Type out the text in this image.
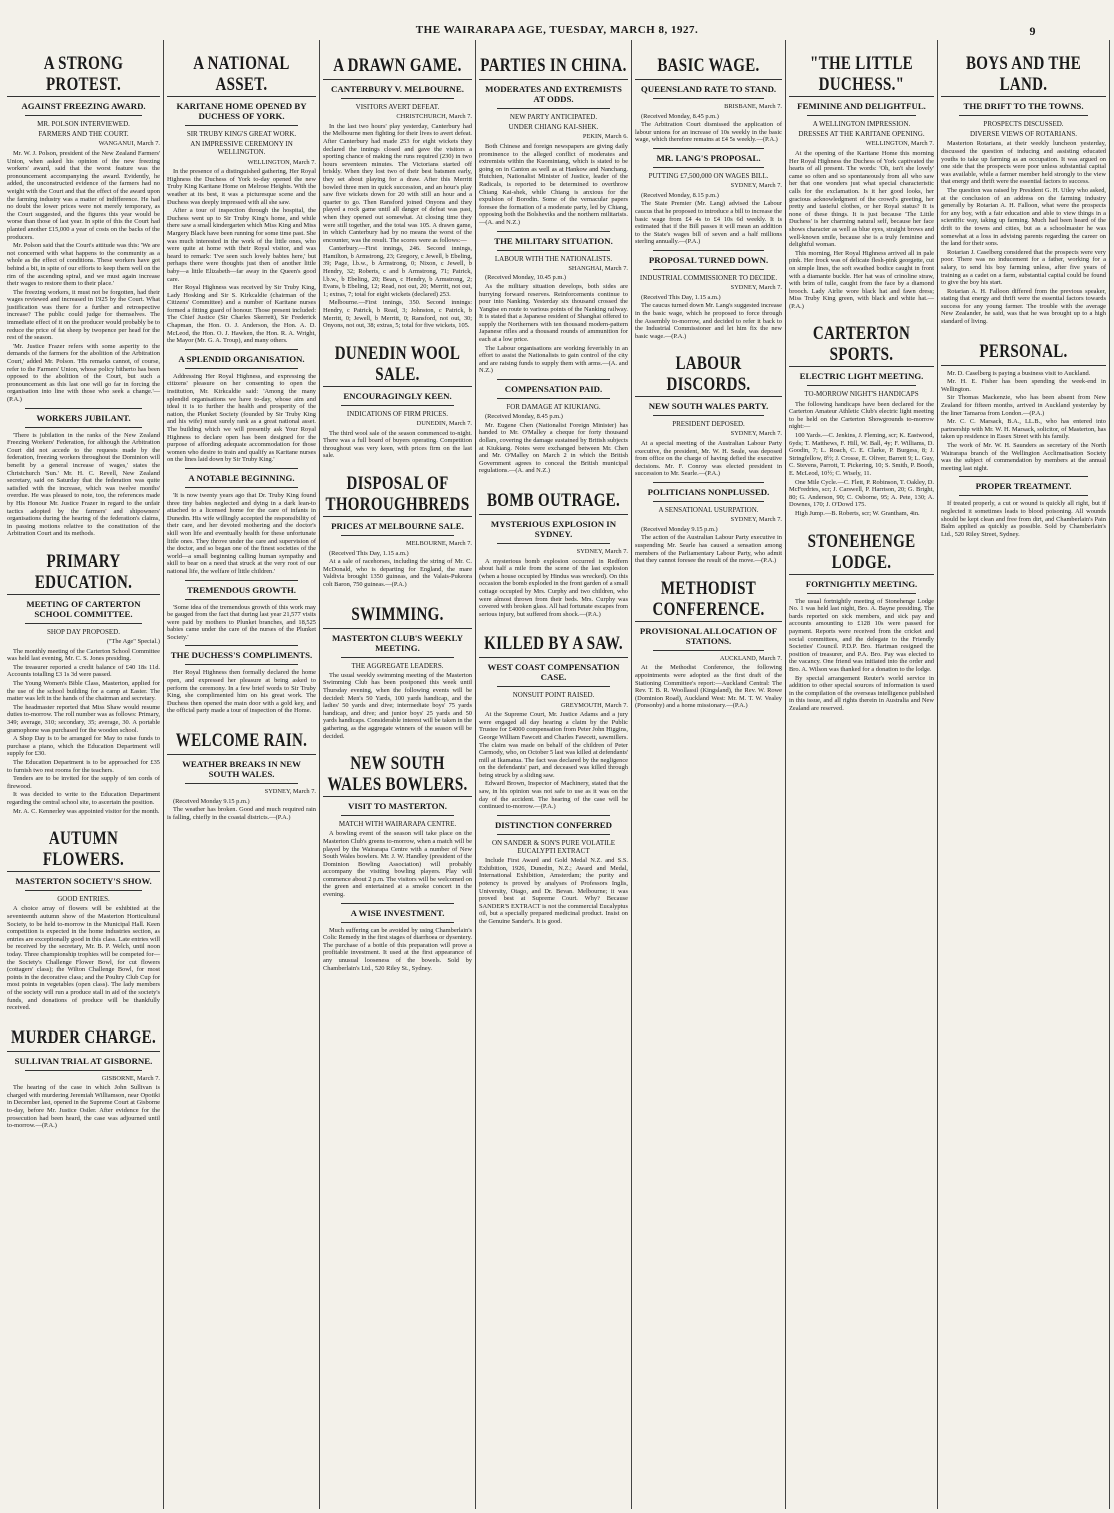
THE WAIRARAPA AGE, TUESDAY, MARCH 8, 1927.	9
A STRONG PROTEST.
AGAINST FREEZING AWARD.
MR. POLSON INTERVIEWED.
FARMERS AND THE COURT.
WANGANUI, March 7.

Mr. W. J. Polson, president of the New Zealand Farmers' Union, when asked his opinion of the new freezing workers' award, said that the worst feature was the pronouncement accompanying the award. Evidently, he added, the unconstructed evidence of the farmers had no weight with the Court and that the effect of the award upon the farming industry was a matter of indifference. He had no doubt the lower prices were not merely temporary, as the Court suggested, and the figures this year would be worse than those of last year. In spite of this the Court had planted another £15,000 a year of costs on the backs of the producers.

Mr. Polson said that the Court's attitude was this: 'We are not concerned with what happens to the community as a whole as the effect of conditions. These workers have got behind a bit, in spite of our efforts to keep them well on the rim of the ascending spiral, and we must again increase their wages to restore them to their place.'

The freezing workers, it must not be forgotten, had their wages reviewed and increased in 1925 by the Court. What justification was there for a further and retrospective increase? The public could judge for themselves. The immediate effect of it on the producer would probably be to reduce the price of fat sheep by twopence per head for the rest of the season.

'Mr. Justice Frazer refers with some asperity to the demands of the farmers for the abolition of the Arbitration Court,' added Mr. Polson. 'His remarks cannot, of course, refer to the Farmers' Union, whose policy hitherto has been opposed to the abolition of the Court, but such a pronouncement as this last one will go far in forcing the organisation into line with those who seek a change.'—(P.A.)

WORKERS JUBILANT.

'There is jubilation in the ranks of the New Zealand Freezing Workers' Federation, for although the Arbitration Court did not accede to the requests made by the federation, freezing workers throughout the Dominion will benefit by a general increase of wages,' states the Christchurch 'Sun.' Mr. H. C. Revell, New Zealand secretary, said on Saturday that the federation was quite satisfied with the increase, which was twelve months' overdue. He was pleased to note, too, the references made by His Honour Mr. Justice Frazer in regard to the unfair tactics adopted by the farmers' and shipowners' organisations during the hearing of the federation's claims, in passing motions relative to the constitution of the Arbitration Court and its methods.

PRIMARY EDUCATION.
MEETING OF CARTERTON SCHOOL COMMITTEE.
SHOP DAY PROPOSED.
("The Age" Special.)

The monthly meeting of the Carterton School Committee was held last evening, Mr. C. S. Jones presiding.

The treasurer reported a credit balance of £40 18s 11d. Accounts totalling £3 1s 3d were passed.

The Young Women's Bible Class, Masterton, applied for the use of the school building for a camp at Easter. The matter was left in the hands of the chairman and secretary.

The headmaster reported that Miss Shaw would resume duties to-morrow. The roll number was as follows: Primary, 349; average, 310; secondary, 35; average, 30. A portable gramophone was purchased for the wooden school.

A Shop Day is to be arranged for May to raise funds to purchase a piano, which the Education Department will supply for £30.

The Education Department is to be approached for £35 to furnish two rest rooms for the teachers.

Tenders are to be invited for the supply of ten cords of firewood.

It was decided to write to the Education Department regarding the central school site, to ascertain the position.

Mr. A. C. Kennerley was appointed visitor for the month.

AUTUMN FLOWERS.
MASTERTON SOCIETY'S SHOW.
GOOD ENTRIES.

A choice array of flowers will be exhibited at the seventeenth autumn show of the Masterton Horticultural Society, to be held to-morrow in the Municipal Hall. Keen competition is expected in the home industries section, as entries are exceptionally good in this class. Late entries will be received by the secretary, Mr. B. P. Welch, until noon today. Three championship trophies will be competed for—the Society's Challenge Flower Bowl, for cut flowers (cottagers' class); the Wilton Challenge Bowl, for most points in the decorative class; and the Poultry Club Cup for most points in vegetables (open class). The lady members of the society will run a produce stall in aid of the society's funds, and donations of produce will be thankfully received.

MURDER CHARGE.
SULLIVAN TRIAL AT GISBORNE.
GISBORNE, March 7.

The hearing of the case in which John Sullivan is charged with murdering Jeremiah Williamson, near Opotiki in December last, opened in the Supreme Court at Gisborne to-day, before Mr. Justice Ostler. After evidence for the prosecution had been heard, the case was adjourned until to-morrow.—(P.A.)

A NATIONAL ASSET.
KARITANE HOME OPENED BY DUCHESS OF YORK.
SIR TRUBY KING'S GREAT WORK.
AN IMPRESSIVE CEREMONY IN WELLINGTON.
WELLINGTON, March 7.

In the presence of a distinguished gathering, Her Royal Highness the Duchess of York to-day opened the new Truby King Karitane Home on Melrose Heights. With the weather at its best, it was a picturesque scene and the Duchess was deeply impressed with all she saw.

After a tour of inspection through the hospital, the Duchess went up to Sir Truby King's home, and while there saw a small kindergarten which Miss King and Miss Margery Black have been running for some time past. She was much interested in the work of the little ones, who were quite at home with their Royal visitor, and was heard to remark: 'I've seen such lovely babies here,' but perhaps there were thoughts just then of another little baby—a little Elizabeth—far away in the Queen's good care.

Her Royal Highness was received by Sir Truby King, Lady Hosking and Sir S. Kirkcaldie (chairman of the Citizens' Committee) and a number of Karitane nurses formed a fitting guard of honour. Those present included: The Chief Justice (Sir Charles Skerrett), Sir Frederick Chapman, the Hon. O. J. Anderson, the Hon. A. D. McLeod, the Hon. O. J. Hawken, the Hon. R. A. Wright, the Mayor (Mr. G. A. Troup), and many others.

A SPLENDID ORGANISATION.

Addressing Her Royal Highness, and expressing the citizens' pleasure on her consenting to open the institution, Mr. Kirkcaldie said: 'Among the many splendid organisations we have to-day, whose aim and ideal it is to further the health and prosperity of the nation, the Plunket Society (founded by Sir Truby King and his wife) must surely rank as a great national asset. The building which we will presently ask Your Royal Highness to declare open has been designed for the purpose of affording adequate accommodation for those women who desire to train and qualify as Karitane nurses on the lines laid down by Sir Truby King.'

A NOTABLE BEGINNING.

'It is now twenty years ago that Dr. Truby King found three tiny babies neglected and dying in a dark lean-to attached to a licensed home for the care of infants in Dunedin. His wife willingly accepted the responsibility of their care, and her devoted mothering and the doctor's skill won life and eventually health for these unfortunate little ones. They throve under the care and supervision of the doctor, and so began one of the finest societies of the world—a small beginning calling human sympathy and skill to bear on a need that struck at the very root of our national life, the welfare of little children.'

TREMENDOUS GROWTH.

'Some idea of the tremendous growth of this work may be gauged from the fact that during last year 21,577 visits were paid by mothers to Plunket branches, and 18,525 babies came under the care of the nurses of the Plunket Society.'

THE DUCHESS'S COMPLIMENTS.

Her Royal Highness then formally declared the home open, and expressed her pleasure at being asked to perform the ceremony. In a few brief words to Sir Truby King, she complimented him on his great work. The Duchess then opened the main door with a gold key, and the official party made a tour of inspection of the Home.

WELCOME RAIN.
WEATHER BREAKS IN NEW SOUTH WALES.
SYDNEY, March 7.

(Received Monday 9.15 p.m.)

The weather has broken. Good and much required rain is falling, chiefly in the coastal districts.—(P.A.)

A DRAWN GAME.
CANTERBURY V. MELBOURNE.
VISITORS AVERT DEFEAT.
CHRISTCHURCH, March 7.

In the last two hours' play yesterday, Canterbury had the Melbourne men fighting for their lives to avert defeat. After Canterbury had made 253 for eight wickets they declared the innings closed and gave the visitors a sporting chance of making the runs required (230) in two hours seventeen minutes. The Victorians started off briskly. When they lost two of their best batsmen early, they set about playing for a draw. After this Merritt bowled three men in quick succession, and an hour's play saw five wickets down for 20 with still an hour and a quarter to go. Then Ransford joined Onyons and they played a rock game until all danger of defeat was past, when they opened out somewhat. At closing time they were still together, and the total was 105. A drawn game, in which Canterbury had by no means the worst of the encounter, was the result. The scores were as follows:—

Canterbury.—First innings, 246. Second innings, Hamilton, b Armstrong, 23; Gregory, c Jewell, b Ebeling, 39; Page, l.b.w., b Armstrong, 0; Nixon, c Jewell, b Hendry, 32; Roberts, c and b Armstrong, 71; Patrick, l.b.w., b Ebeling, 20; Bean, c Hendry, b Armstrong, 2; Evans, b Ebeling, 12; Read, not out, 20; Merritt, not out, 1; extras, 7; total for eight wickets (declared) 253.

Melbourne.—First innings, 350. Second innings: Hendry, c Patrick, b Read, 3; Johnston, c Patrick, b Merritt, 0; Jewell, b Merritt, 0; Ransford, not out, 30; Onyons, not out, 38; extras, 5; total for five wickets, 105.

DUNEDIN WOOL SALE.
ENCOURAGINGLY KEEN.
INDICATIONS OF FIRM PRICES.
DUNEDIN, March 7.

The third wool sale of the season commenced to-night. There was a full board of buyers operating. Competition throughout was very keen, with prices firm on the last sale.

DISPOSAL OF THOROUGHBREDS
PRICES AT MELBOURNE SALE.
MELBOURNE, March 7.

(Received This Day, 1.15 a.m.)

At a sale of racehorses, including the string of Mr. C. McDonald, who is departing for England, the mare Valdivia brought 1350 guineas, and the Valais-Pukeora colt Baron, 750 guineas.—(P.A.)

SWIMMING.
MASTERTON CLUB'S WEEKLY MEETING.
THE AGGREGATE LEADERS.

The usual weekly swimming meeting of the Masterton Swimming Club has been postponed this week until Thursday evening, when the following events will be decided: Men's 50 Yards, 100 yards handicap, and the ladies' 50 yards and dive; intermediate boys' 75 yards handicap, and dive; and junior boys' 25 yards and 50 yards handicaps. Considerable interest will be taken in the gathering, as the aggregate winners of the season will be decided.

NEW SOUTH WALES BOWLERS.
VISIT TO MASTERTON.
MATCH WITH WAIRARAPA CENTRE.

A bowling event of the season will take place on the Masterton Club's greens to-morrow, when a match will be played by the Wairarapa Centre with a number of New South Wales bowlers. Mr. J. W. Handley (president of the Dominion Bowling Association) will probably accompany the visiting bowling players. Play will commence about 2 p.m. The visitors will be welcomed on the green and entertained at a smoke concert in the evening.

A WISE INVESTMENT.

Much suffering can be avoided by using Chamberlain's Colic Remedy in the first stages of diarrhoea or dysentery. The purchase of a bottle of this preparation will prove a profitable investment. It used at the first appearance of any unusual looseness of the bowels. Sold by Chamberlain's Ltd., 520 Riley St., Sydney.

PARTIES IN CHINA.
MODERATES AND EXTREMISTS AT ODDS.
NEW PARTY ANTICIPATED.
UNDER CHIANG KAI-SHEK.
PEKIN, March 6.

Both Chinese and foreign newspapers are giving daily prominence to the alleged conflict of moderates and extremists within the Kuomintang, which is stated to be going on in Canton as well as at Hankow and Nanchang. Hutchien, Nationalist Minister of Justice, leader of the Radicals, is reported to be determined to overthrow Chiang Kai-shek, while Chiang is anxious for the expulsion of Borodin. Some of the vernacular papers foresee the formation of a moderate party, led by Chiang, opposing both the Bolsheviks and the northern militarists.—(A. and N.Z.)

THE MILITARY SITUATION.
LABOUR WITH THE NATIONALISTS.
SHANGHAI, March 7.

(Received Monday, 10.45 p.m.)

As the military situation develops, both sides are hurrying forward reserves. Reinforcements continue to pour into Nanking. Yesterday six thousand crossed the Yangtse en route to various points of the Nanking railway. It is stated that a Japanese resident of Shanghai offered to supply the Northerners with ten thousand modern-pattern Japanese rifles and a thousand rounds of ammunition for each at a low price.

The Labour organisations are working feverishly in an effort to assist the Nationalists to gain control of the city and are raising funds to supply them with arms.—(A. and N.Z.)

COMPENSATION PAID.
FOR DAMAGE AT KIUKIANG.

(Received Monday, 8.45 p.m.)

Mr. Eugene Chen (Nationalist Foreign Minister) has handed to Mr. O'Malley a cheque for forty thousand dollars, covering the damage sustained by British subjects at Kiukiang. Notes were exchanged between Mr. Chen and Mr. O'Malley on March 2 in which the British Government agrees to conceal the British municipal regulations.—(A. and N.Z.)

BOMB OUTRAGE.
MYSTERIOUS EXPLOSION IN SYDNEY.
SYDNEY, March 7.

A mysterious bomb explosion occurred in Redfern about half a mile from the scene of the last explosion (when a house occupied by Hindus was wrecked). On this occasion the bomb exploded in the front garden of a small cottage occupied by Mrs. Curphy and two children, who were almost thrown from their beds. Mrs. Curphy was covered with broken glass. All had fortunate escapes from serious injury, but suffered from shock.—(P.A.)

KILLED BY A SAW.
WEST COAST COMPENSATION CASE.
NONSUIT POINT RAISED.
GREYMOUTH, March 7.

At the Supreme Court, Mr. Justice Adams and a jury were engaged all day hearing a claim by the Public Trustee for £4000 compensation from Peter John Higgins, George William Fawcett and Charles Fawcett, sawmillers. The claim was made on behalf of the children of Peter Carmody, who, on October 5 last was killed at defendants' mill at Ikamatua. The fact was declared by the negligence on the defendants' part, and deceased was killed through being struck by a sliding saw.

Edward Brown, Inspector of Machinery, stated that the saw, in his opinion was not safe to use as it was on the day of the accident. The hearing of the case will be continued to-morrow.—(P.A.)

DISTINCTION CONFERRED
ON SANDER & SON'S PURE VOLATILE EUCALYPTI EXTRACT

Include First Award and Gold Medal N.Z. and S.S. Exhibition, 1926, Dunedin, N.Z.; Award and Medal, International Exhibition, Amsterdam; the purity and potency is proved by analyses of Professors Inglis, University, Otago, and Dr. Bevan. Melbourne; it was proved best at Supreme Court. Why? Because SANDER'S EXTRACT is not the commercial Eucalyptus oil, but a specially prepared medicinal product. Insist on the Genuine Sander's. It is good.

BASIC WAGE.
QUEENSLAND RATE TO STAND.
BRISBANE, March 7.

(Received Monday, 8.45 p.m.)

The Arbitration Court dismissed the application of labour unions for an increase of 10s weekly in the basic wage, which therefore remains at £4 5s weekly.—(P.A.)

MR. LANG'S PROPOSAL.
PUTTING £7,500,000 ON WAGES BILL.
SYDNEY, March 7.

(Received Monday, 8.15 p.m.)

The State Premier (Mr. Lang) advised the Labour caucus that he proposed to introduce a bill to increase the basic wage from £4 4s to £4 10s 6d weekly. It is estimated that if the Bill passes it will mean an addition to the State's wages bill of seven and a half millions sterling annually.—(P.A.)

PROPOSAL TURNED DOWN.
INDUSTRIAL COMMISSIONER TO DECIDE.
SYDNEY, March 7.

(Received This Day, 1.15 a.m.)

The caucus turned down Mr. Lang's suggested increase in the basic wage, which he proposed to force through the Assembly to-morrow, and decided to refer it back to the Industrial Commissioner and let him fix the new basic wage.—(P.A.)

LABOUR DISCORDS.
NEW SOUTH WALES PARTY.
PRESIDENT DEPOSED.
SYDNEY, March 7.

At a special meeting of the Australian Labour Party executive, the president, Mr. W. H. Seale, was deposed from office on the charge of having defied the executive decisions. Mr. F. Conroy was elected president in succession to Mr. Searle.—(P.A.)

POLITICIANS NONPLUSSED.
A SENSATIONAL USURPATION.
SYDNEY, March 7.

(Received Monday 9.15 p.m.)

The action of the Australian Labour Party executive in suspending Mr. Searle has caused a sensation among members of the Parliamentary Labour Party, who admit that they cannot foresee the result of the move.—(P.A.)

METHODIST CONFERENCE.
PROVISIONAL ALLOCATION OF STATIONS.
AUCKLAND, March 7.

At the Methodist Conference, the following appointments were adopted as the first draft of the Stationing Committee's report:—Auckland Central: The Rev. T. B. R. Woollassil (Kingsland), the Rev. W. Rowe (Dominion Road), Auckland West: Mr. M. T. W. Vealey (Ponsonby) and a home missionary.—(P.A.)

"THE LITTLE DUCHESS."
FEMININE AND DELIGHTFUL.
A WELLINGTON IMPRESSION.
DRESSES AT THE KARITANE OPENING.
WELLINGTON, March 7.

At the opening of the Karitane Home this morning Her Royal Highness the Duchess of York captivated the hearts of all present. The words: 'Oh, isn't she lovely' came so often and so spontaneously from all who saw her that one wonders just what special characteristic calls for the exclamation. Is it her good looks, her gracious acknowledgment of the crowd's greeting, her pretty and tasteful clothes, or her Royal status? It is none of these things. It is just because 'The Little Duchess' is her charming natural self, because her face shows character as well as blue eyes, straight brows and well-known smile, because she is a truly feminine and delightful woman.

This morning, Her Royal Highness arrived all in pale pink. Her frock was of delicate flesh-pink georgette, cut on simple lines, the soft swathed bodice caught in front with a diamante buckle. Her hat was of crinoline straw, with brim of tulle, caught from the face by a diamond brooch. Lady Airlie wore black hat and fawn dress; Miss Truby King green, with black and white hat.—(P.A.)

CARTERTON SPORTS.
ELECTRIC LIGHT MEETING.
TO-MORROW NIGHT'S HANDICAPS

The following handicaps have been declared for the Carterton Amateur Athletic Club's electric light meeting to be held on the Carterton Showgrounds to-morrow night:—

100 Yards.—C. Jenkins, J. Fleming, scr; K. Eastwood, 6yds; T. Matthews, F. Hill, W. Ball, 4y; F. Williams, D. Goodin, 7; L. Roach, C. E. Clarke, P. Burgess, 8; J. Stringfellow, 8½; J. Crosse, E. Oliver, Barrett 9; L. Guy, C. Stevens, Parrott, T. Pickering, 10; S. Smith, P. Booth, E. McLeod, 10½; C. Wisely, 11.

One Mile Cycle.—C. Flett, P. Robinson, T. Oakley, D. McFredries, scr; J. Carswell, P. Harrison, 20; G. Bright, 80; G. Anderson, 90; C. Osborne, 95; A. Pete, 130; A. Downes, 170; J. O'Dowd 175.

High Jump.—B. Roberts, scr; W. Grantham, 4in.

STONEHENGE LODGE.
FORTNIGHTLY MEETING.

The usual fortnightly meeting of Stonehenge Lodge No. 1 was held last night, Bro. A. Bayne presiding. The bards reported on sick members, and sick pay and accounts amounting to £128 10s were passed for payment. Reports were received from the cricket and social committees, and the delegate to the Friendly Societies' Council. P.D.P. Bro. Hartman resigned the position of treasurer, and P.A. Bro. Pay was elected to the vacancy. One friend was initiated into the order and Bro. A. Wilson was thanked for a donation to the lodge.

By special arrangement Reuter's world service in addition to other special sources of information is used in the compilation of the overseas intelligence published in this issue, and all rights therein in Australia and New Zealand are reserved.

BOYS AND THE LAND.
THE DRIFT TO THE TOWNS.
PROSPECTS DISCUSSED.
DIVERSE VIEWS OF ROTARIANS.

Masterton Rotarians, at their weekly luncheon yesterday, discussed the question of inducing and assisting educated youths to take up farming as an occupation. It was argued on one side that the prospects were poor unless substantial capital was available, while a farmer member held strongly to the view that energy and thrift were the essential factors to success.

The question was raised by President G. H. Utley who asked, at the conclusion of an address on the farming industry generally by Rotarian A. H. Falloon, what were the prospects for any boy, with a fair education and able to view things in a scientific way, taking up farming. Much had been heard of the drift to the towns and cities, but as a schoolmaster he was somewhat at a loss in advising parents regarding the career on the land for their sons.

Rotarian J. Caselberg considered that the prospects were very poor. There was no inducement for a father, working for a salary, to send his boy farming unless, after five years of training as a cadet on a farm, substantial capital could be found to give the boy his start.

Rotarian A. H. Falloon differed from the previous speaker, stating that energy and thrift were the essential factors towards success for any young farmer. The trouble with the average New Zealander, he said, was that he was brought up to a high standard of living.

PERSONAL.

Mr. D. Caselberg is paying a business visit to Auckland.

Mr. H. E. Fisher has been spending the week-end in Wellington.

Sir Thomas Mackenzie, who has been absent from New Zealand for fifteen months, arrived in Auckland yesterday by the liner Tamaroa from London.—(P.A.)

Mr. C. C. Marsack, B.A., LL.B., who has entered into partnership with Mr. W. H. Marsack, solicitor, of Masterton, has taken up residence in Essex Street with his family.

The work of Mr. W. H. Saunders as secretary of the North Wairarapa branch of the Wellington Acclimatisation Society was the subject of commendation by members at the annual meeting last night.

PROPER TREATMENT.

If treated properly, a cut or wound is quickly all right, but if neglected it sometimes leads to blood poisoning. All wounds should be kept clean and free from dirt, and Chamberlain's Pain Balm applied as quickly as possible. Sold by Chamberlain's Ltd., 520 Riley Street, Sydney.
